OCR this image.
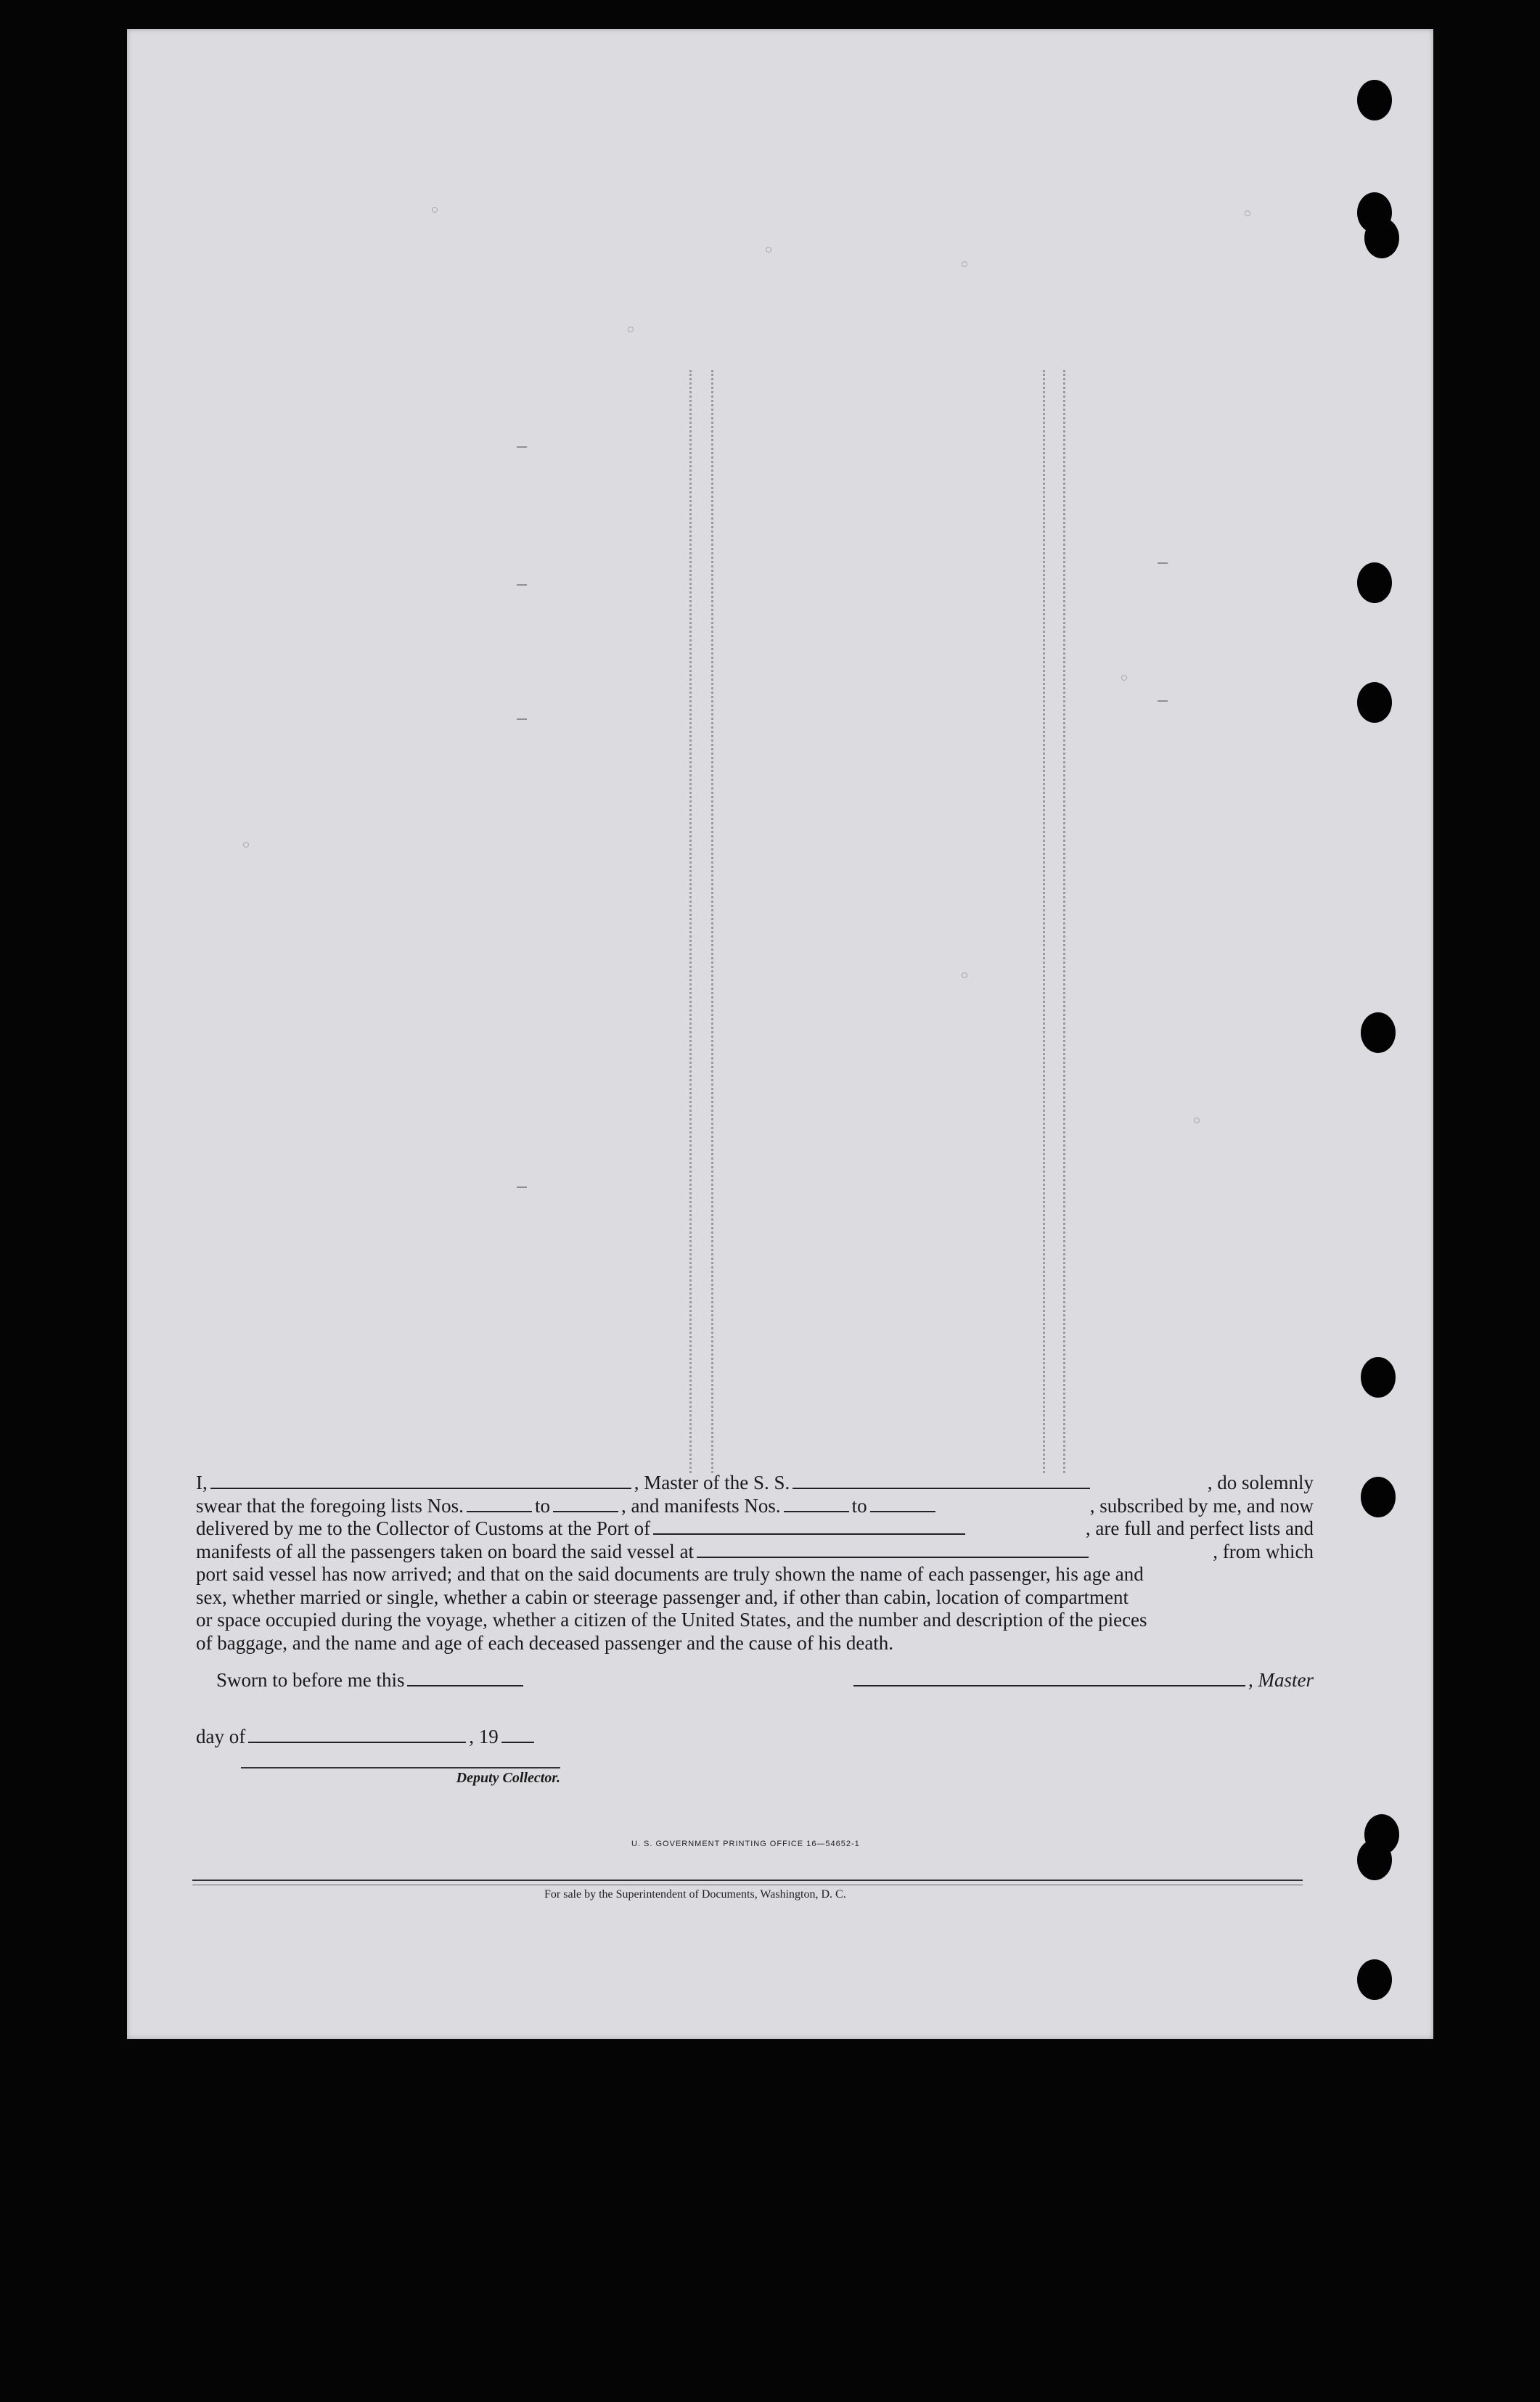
I,	, Master of the S. S.	, do solemnly
swear that the foregoing lists Nos.	to	, and manifests Nos.	to	, subscribed by me, and now
delivered by me to the Collector of Customs at the Port of	, are full and perfect lists and
manifests of all the passengers taken on board the said vessel at	, from which
port said vessel has now arrived; and that on the said documents are truly shown the name of each passenger, his age and
sex, whether married or single, whether a cabin or steerage passenger and, if other than cabin, location of compartment
or space occupied during the voyage, whether a citizen of the United States, and the number and description of the pieces
of baggage, and the name and age of each deceased passenger and the cause of his death.
Sworn to before me this	, Master
day of	, 19
Deputy Collector.
U. S. GOVERNMENT PRINTING OFFICE 16—54652-1
For sale by the Superintendent of Documents, Washington, D. C.
